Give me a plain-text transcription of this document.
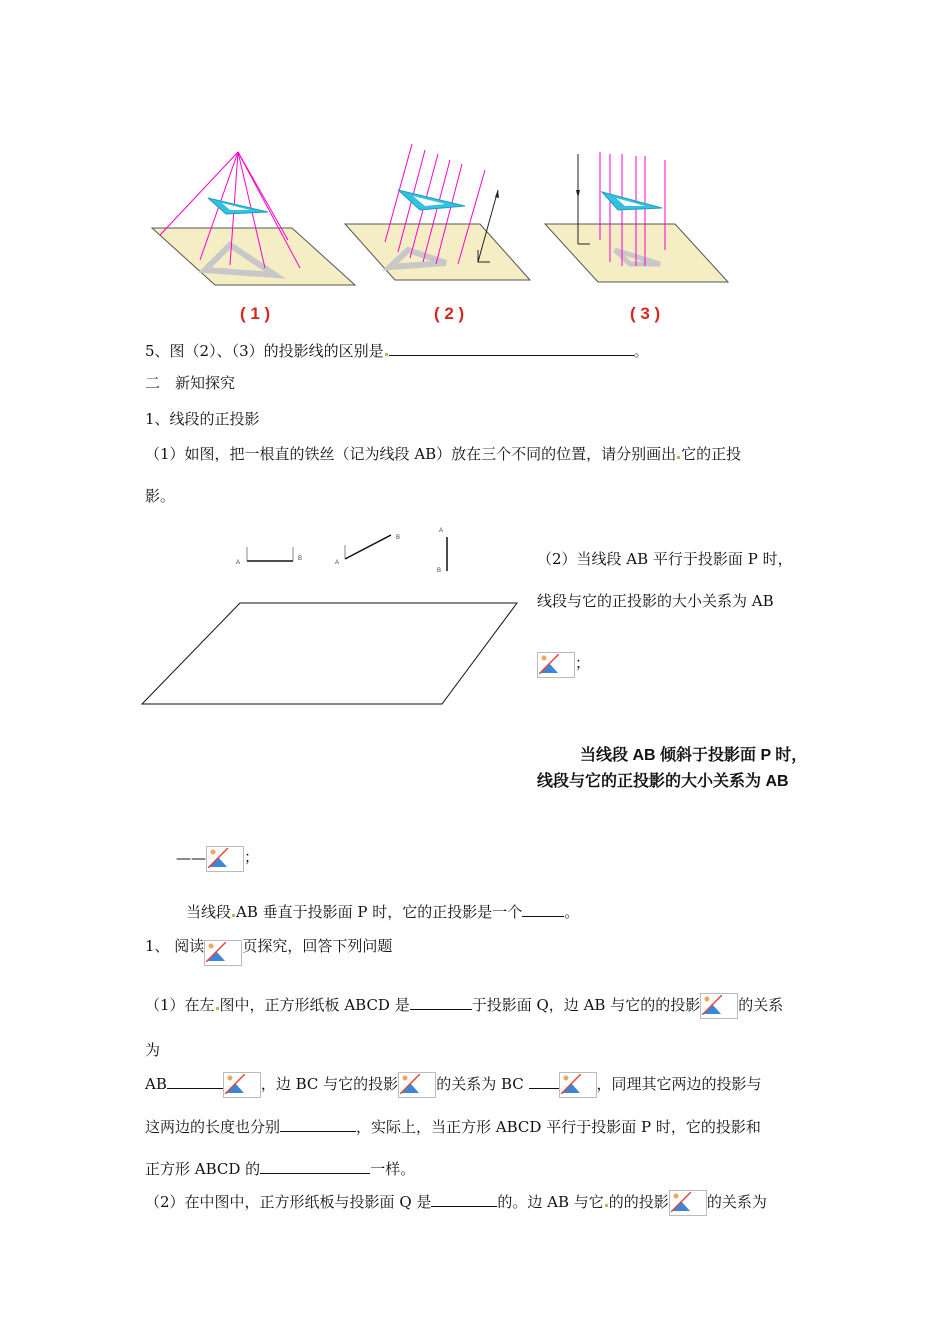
( 1 )	( 2 )	( 3 )
5、图（2）、（3）的投影线的区别是	。
二　新知探究
1、线段的正投影
（1）如图，把一根直的铁丝（记为线段 AB）放在三个不同的位置，请分别画出 它的正投
影。
A
B
A
B
A
B
（2）当线段 AB 平行于投影面 P 时，
线段与它的正投影的大小关系为 AB
；
当线段 AB 倾斜于投影面 P 时，
线段与它的正投影的大小关系为 AB
——	；
当线段 AB 垂直于投影面 P 时，它的正投影是一个	。
1、 阅读	页探究，回答下列问题
（1）在左 图中，正方形纸板 ABCD 是	于投影面 Q，边 AB 与它的的投影	的关系
为
AB	，边 BC 与它的投影	的关系为 BC	，同理其它两边的投影与
这两边的长度也分别	，实际上，当正方形 ABCD 平行于投影面 P 时，它的投影和
正方形 ABCD 的	一样。
（2）在中图中，正方形纸板与投影面 Q 是	的。边 AB 与它 的的投影	的关系为
